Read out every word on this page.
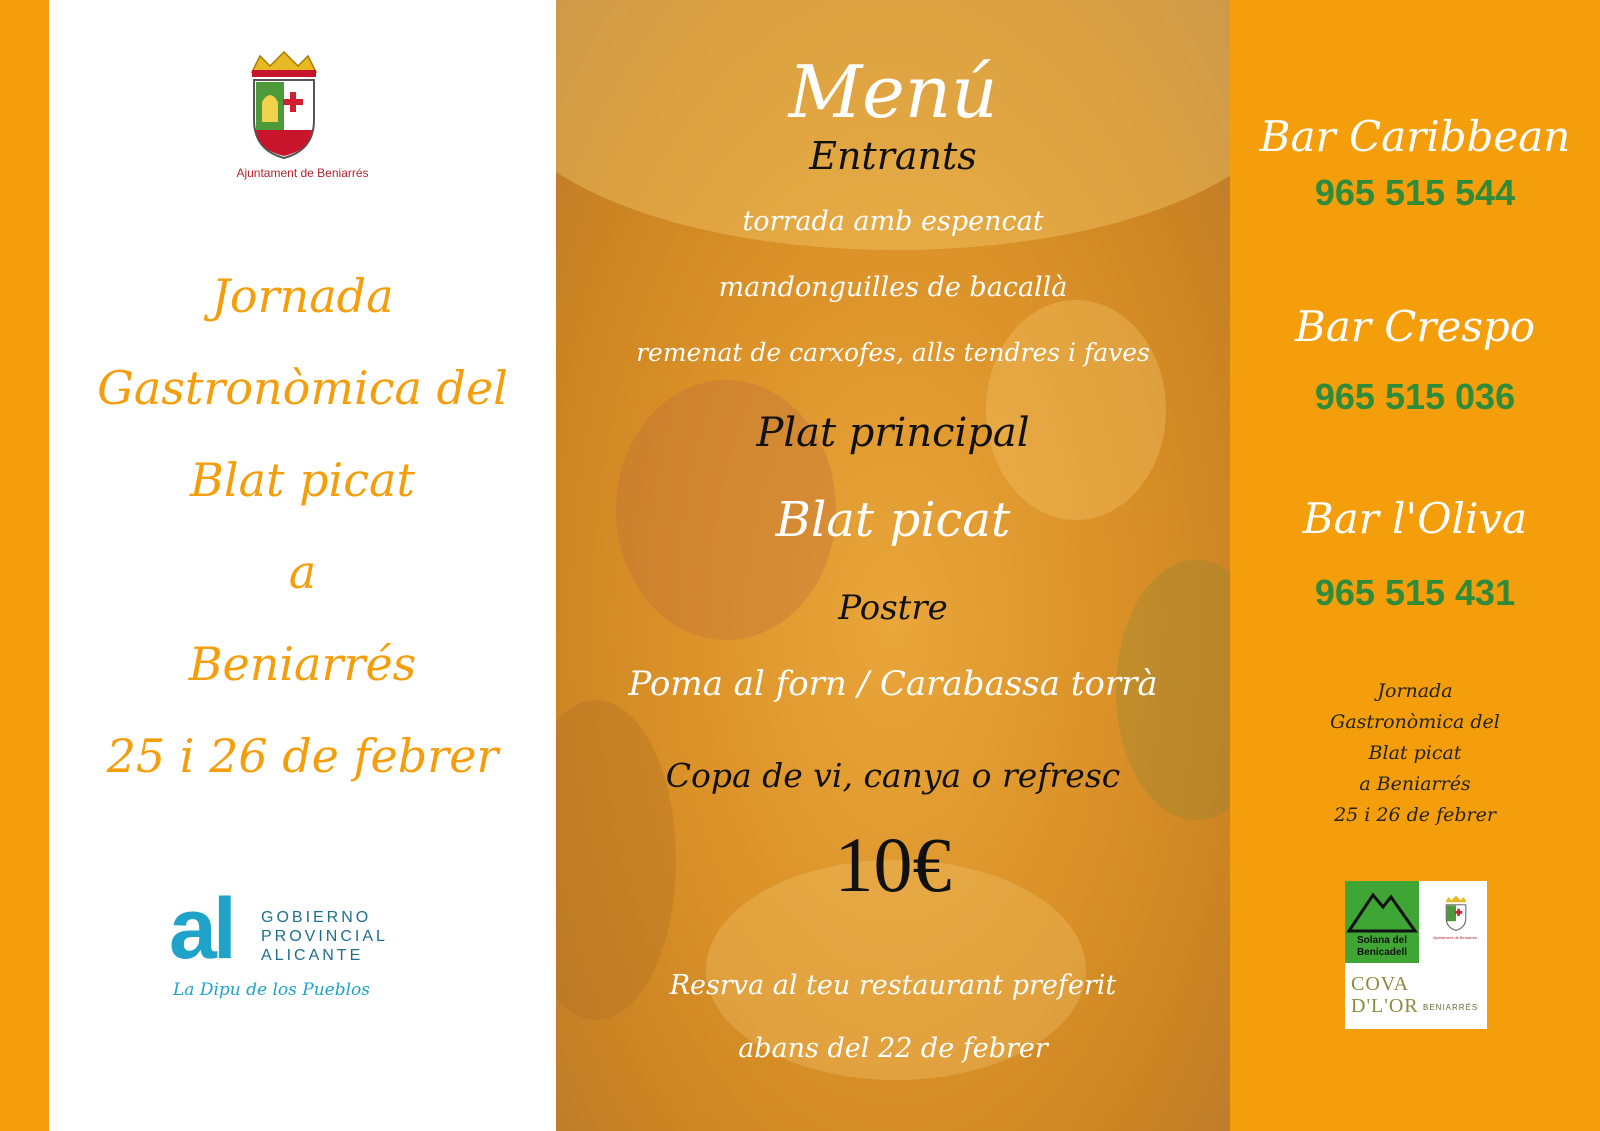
Ajuntament de Beniarrés
Jornada
Gastronòmica del
Blat picat
a
Beniarrés
25 i 26 de febrer
al GOBIERNO
PROVINCIAL
ALICANTE
La Dipu de los Pueblos
Menú
Entrants
torrada amb espencat
mandonguilles de bacallà
remenat de carxofes, alls tendres i faves
Plat principal
Blat picat
Postre
Poma al forn / Carabassa torrà
Copa de vi, canya o refresc
10€
Resrva al teu restaurant preferit
abans del 22 de febrer
Bar Caribbean
965 515 544
Bar Crespo
965 515 036
Bar l'Oliva
965 515 431
Jornada
Gastronòmica del
Blat picat
a Beniarrés
25 i 26 de febrer
Solana del
Benicadell
Ajuntament de Beniarrés
COVA
D'L'OR BENIARRÉS
